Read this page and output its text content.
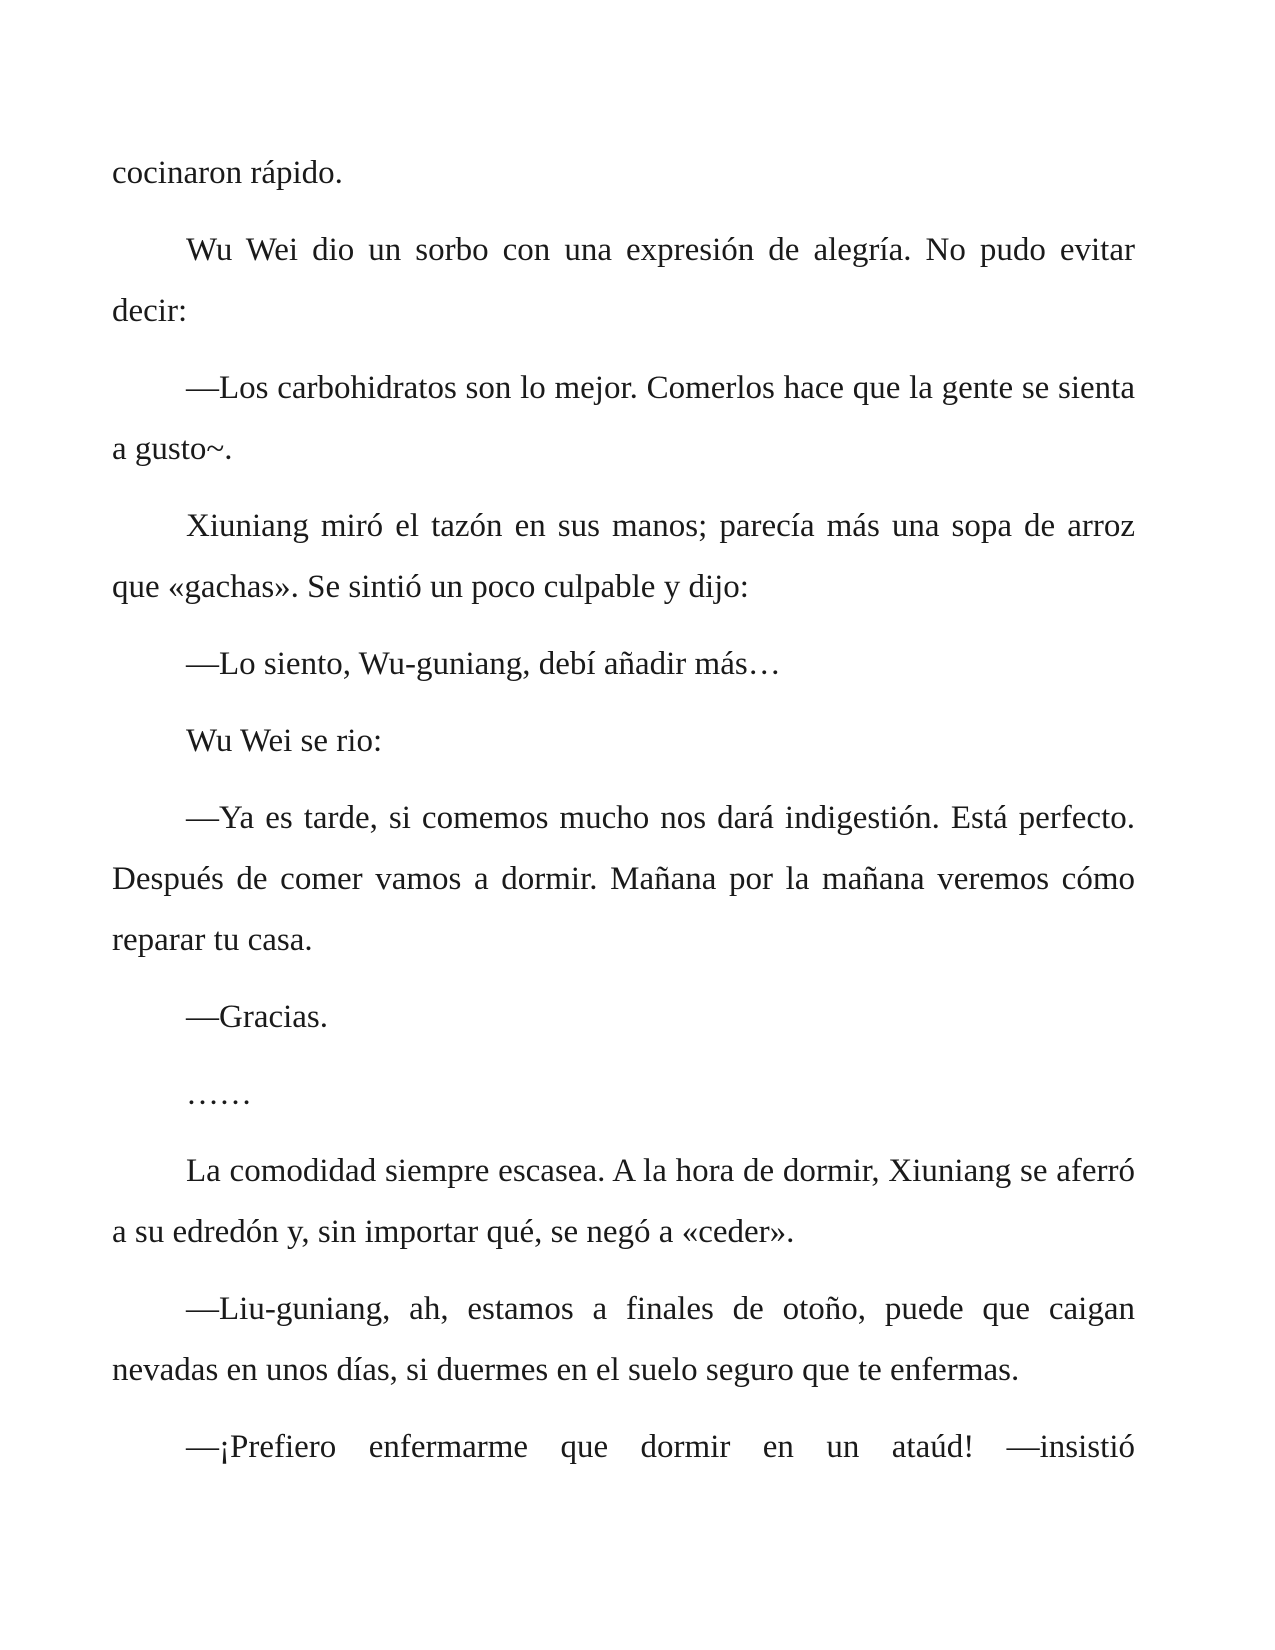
cocinaron rápido.

Wu Wei dio un sorbo con una expresión de alegría. No pudo evitar decir:

—Los carbohidratos son lo mejor. Comerlos hace que la gente se sienta a gusto~.

Xiuniang miró el tazón en sus manos; parecía más una sopa de arroz que «gachas». Se sintió un poco culpable y dijo:

—Lo siento, Wu-guniang, debí añadir más…

Wu Wei se rio:

—Ya es tarde, si comemos mucho nos dará indigestión. Está perfecto. Después de comer vamos a dormir. Mañana por la mañana veremos cómo reparar tu casa.

—Gracias.

……

La comodidad siempre escasea. A la hora de dormir, Xiuniang se aferró a su edredón y, sin importar qué, se negó a «ceder».

—Liu-guniang, ah, estamos a finales de otoño, puede que caigan nevadas en unos días, si duermes en el suelo seguro que te enfermas.

—¡Prefiero enfermarme que dormir en un ataúd! —insistió
